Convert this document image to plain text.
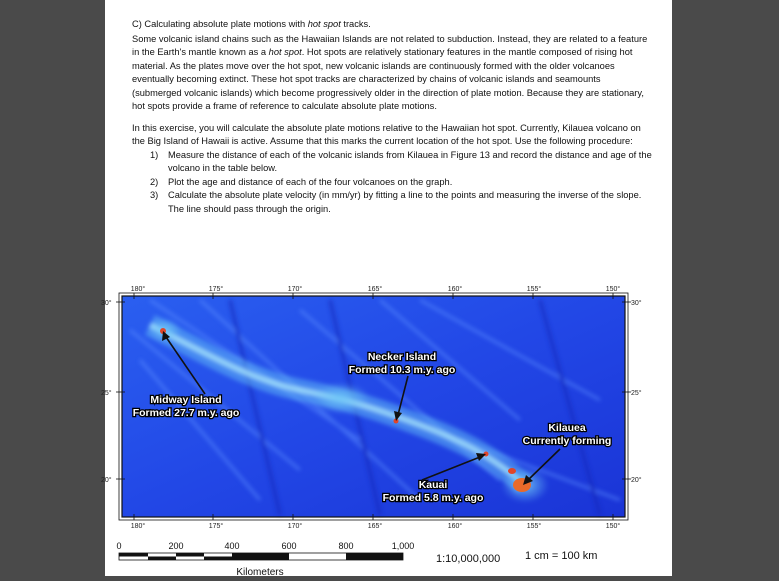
C) Calculating absolute plate motions with hot spot tracks.

Some volcanic island chains such as the Hawaiian Islands are not related to subduction. Instead, they are related to a feature in the Earth's mantle known as a hot spot. Hot spots are relatively stationary features in the mantle composed of rising hot material. As the plates move over the hot spot, new volcanic islands are continuously formed with the older volcanoes eventually becoming extinct. These hot spot tracks are characterized by chains of volcanic islands and seamounts (submerged volcanic islands) which become progressively older in the direction of plate motion. Because they are stationary, hot spots provide a frame of reference to calculate absolute plate motions.

In this exercise, you will calculate the absolute plate motions relative to the Hawaiian hot spot. Currently, Kilauea volcano on the Big Island of Hawaii is active. Assume that this marks the current location of the hot spot. Use the following procedure:

1) Measure the distance of each of the volcanic islands from Kilauea in Figure 13 and record the distance and age of the volcano in the table below.
2) Plot the age and distance of each of the four volcanoes on the graph.
3) Calculate the absolute plate velocity (in mm/yr) by fitting a line to the points and measuring the inverse of the slope. The line should pass through the origin.
180°	175°	170°	165°	160°	155°	150°
180°	175°	170°	165°	160°	155°	150°
30°
25°
20°
30°
25°
20°
Necker Island
Formed 10.3 m.y. ago
Midway Island
Formed 27.7 m.y. ago
Kilauea
Currently forming
Kauai
Formed 5.8 m.y. ago
0	200	400	600	800	1,000
Kilometers
1:10,000,000 1 cm = 100 km
